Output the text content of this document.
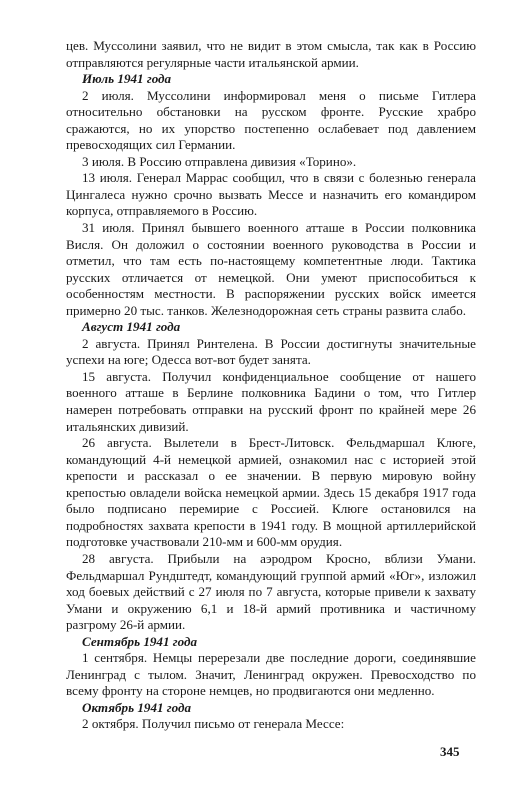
цев. Муссолини заявил, что не видит в этом смысла, так как в Россию отправляются регулярные части итальянской армии.

Июль 1941 года

2 июля. Муссолини информировал меня о письме Гитлера относительно обстановки на русском фронте. Русские храбро сражаются, но их упорство постепенно ослабевает под давлением превосходящих сил Германии.

3 июля. В Россию отправлена дивизия «Торино».

13 июля. Генерал Маррас сообщил, что в связи с болезнью генерала Цингалеса нужно срочно вызвать Мессе и назначить его командиром корпуса, отправляемого в Россию.

31 июля. Принял бывшего военного атташе в России полковника Висля. Он доложил о состоянии военного руководства в России и отметил, что там есть по-настоящему компетентные люди. Тактика русских отличается от немецкой. Они умеют приспособиться к особенностям местности. В распоряжении русских войск имеется примерно 20 тыс. танков. Железнодорожная сеть страны развита слабо.

Август 1941 года

2 августа. Принял Ринтелена. В России достигнуты значительные успехи на юге; Одесса вот-вот будет занята.

15 августа. Получил конфиденциальное сообщение от нашего военного атташе в Берлине полковника Бадини о том, что Гитлер намерен потребовать отправки на русский фронт по крайней мере 26 итальянских дивизий.

26 августа. Вылетели в Брест-Литовск. Фельдмаршал Клюге, командующий 4-й немецкой армией, ознакомил нас с историей этой крепости и рассказал о ее значении. В первую мировую войну крепостью овладели войска немецкой армии. Здесь 15 декабря 1917 года было подписано перемирие с Россией. Клюге остановился на подробностях захвата крепости в 1941 году. В мощной артиллерийской подготовке участвовали 210-мм и 600-мм орудия.

28 августа. Прибыли на аэродром Кросно, вблизи Умани. Фельдмаршал Рундштедт, командующий группой армий «Юг», изложил ход боевых действий с 27 июля по 7 августа, которые привели к захвату Умани и окружению 6,1 и 18-й армий противника и частичному разгрому 26-й армии.

Сентябрь 1941 года

1 сентября. Немцы перерезали две последние дороги, соединявшие Ленинград с тылом. Значит, Ленинград окружен. Превосходство по всему фронту на стороне немцев, но продвигаются они медленно.

Октябрь 1941 года

2 октября. Получил письмо от генерала Мессе:

345
